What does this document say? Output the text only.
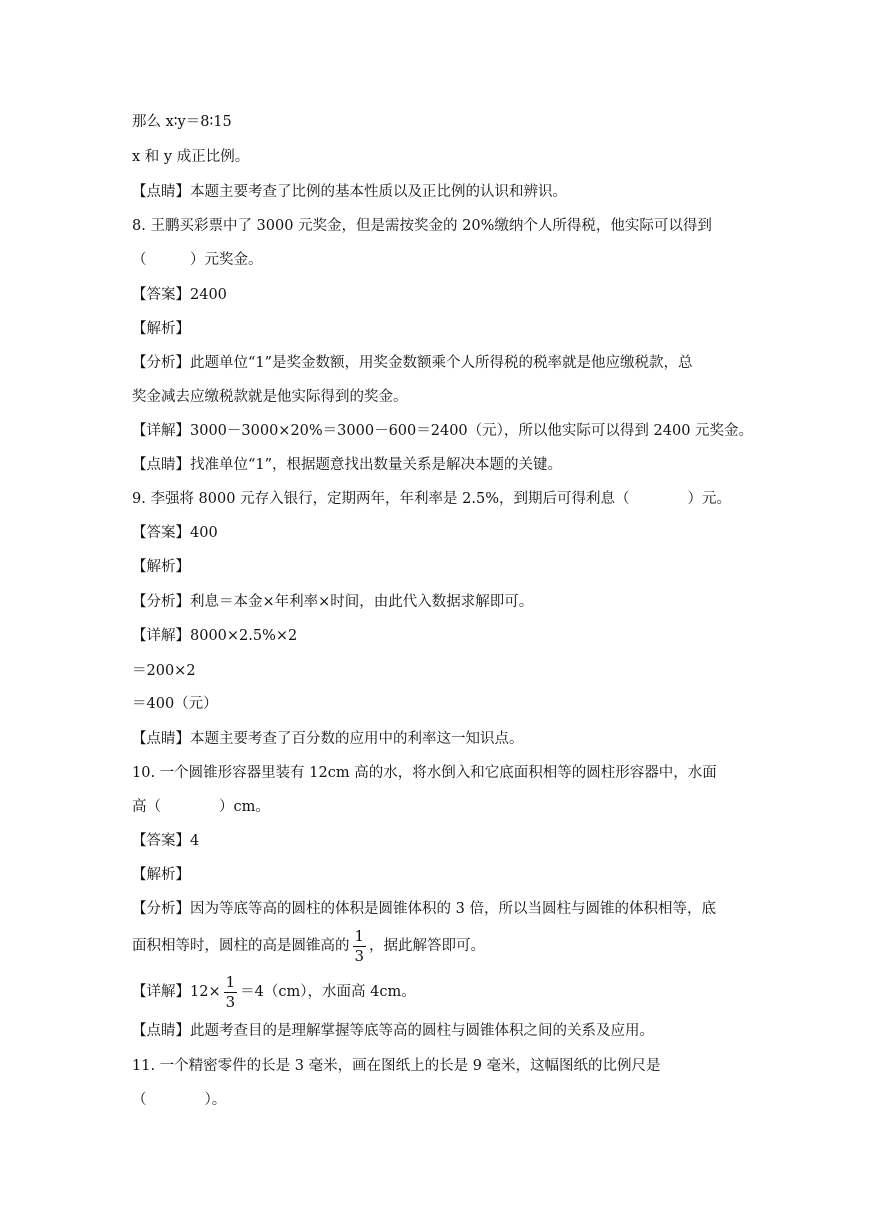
那么 x∶y＝8∶15
x 和 y 成正比例。
【点睛】本题主要考查了比例的基本性质以及正比例的认识和辨识。
8. 王鹏买彩票中了 3000 元奖金，但是需按奖金的 20%缴纳个人所得税，他实际可以得到
（　　　）元奖金。
【答案】2400
【解析】
【分析】此题单位“1”是奖金数额，用奖金数额乘个人所得税的税率就是他应缴税款，总
奖金减去应缴税款就是他实际得到的奖金。
【详解】3000－3000×20%＝3000－600＝2400（元），所以他实际可以得到 2400 元奖金。
【点睛】找准单位“1”，根据题意找出数量关系是解决本题的关键。
9. 李强将 8000 元存入银行，定期两年，年利率是 2.5%，到期后可得利息（　　　　）元。
【答案】400
【解析】
【分析】利息＝本金×年利率×时间，由此代入数据求解即可。
【详解】8000×2.5%×2
＝200×2
＝400（元）
【点睛】本题主要考查了百分数的应用中的利率这一知识点。
10. 一个圆锥形容器里装有 12cm 高的水，将水倒入和它底面积相等的圆柱形容器中，水面
高（　　　　）cm。
【答案】4
【解析】
【分析】因为等底等高的圆柱的体积是圆锥体积的 3 倍，所以当圆柱与圆锥的体积相等，底
面积相等时，圆柱的高是圆锥高的 $\frac{1}{3}$ ，据此解答即可。
【详解】$12\times \frac{1}{3} =4(cm)$，水面高 4cm。
【点睛】此题考查目的是理解掌握等底等高的圆柱与圆锥体积之间的关系及应用。
11. 一个精密零件的长是 3 毫米，画在图纸上的长是 9 毫米，这幅图纸的比例尺是
（　　　　）。
